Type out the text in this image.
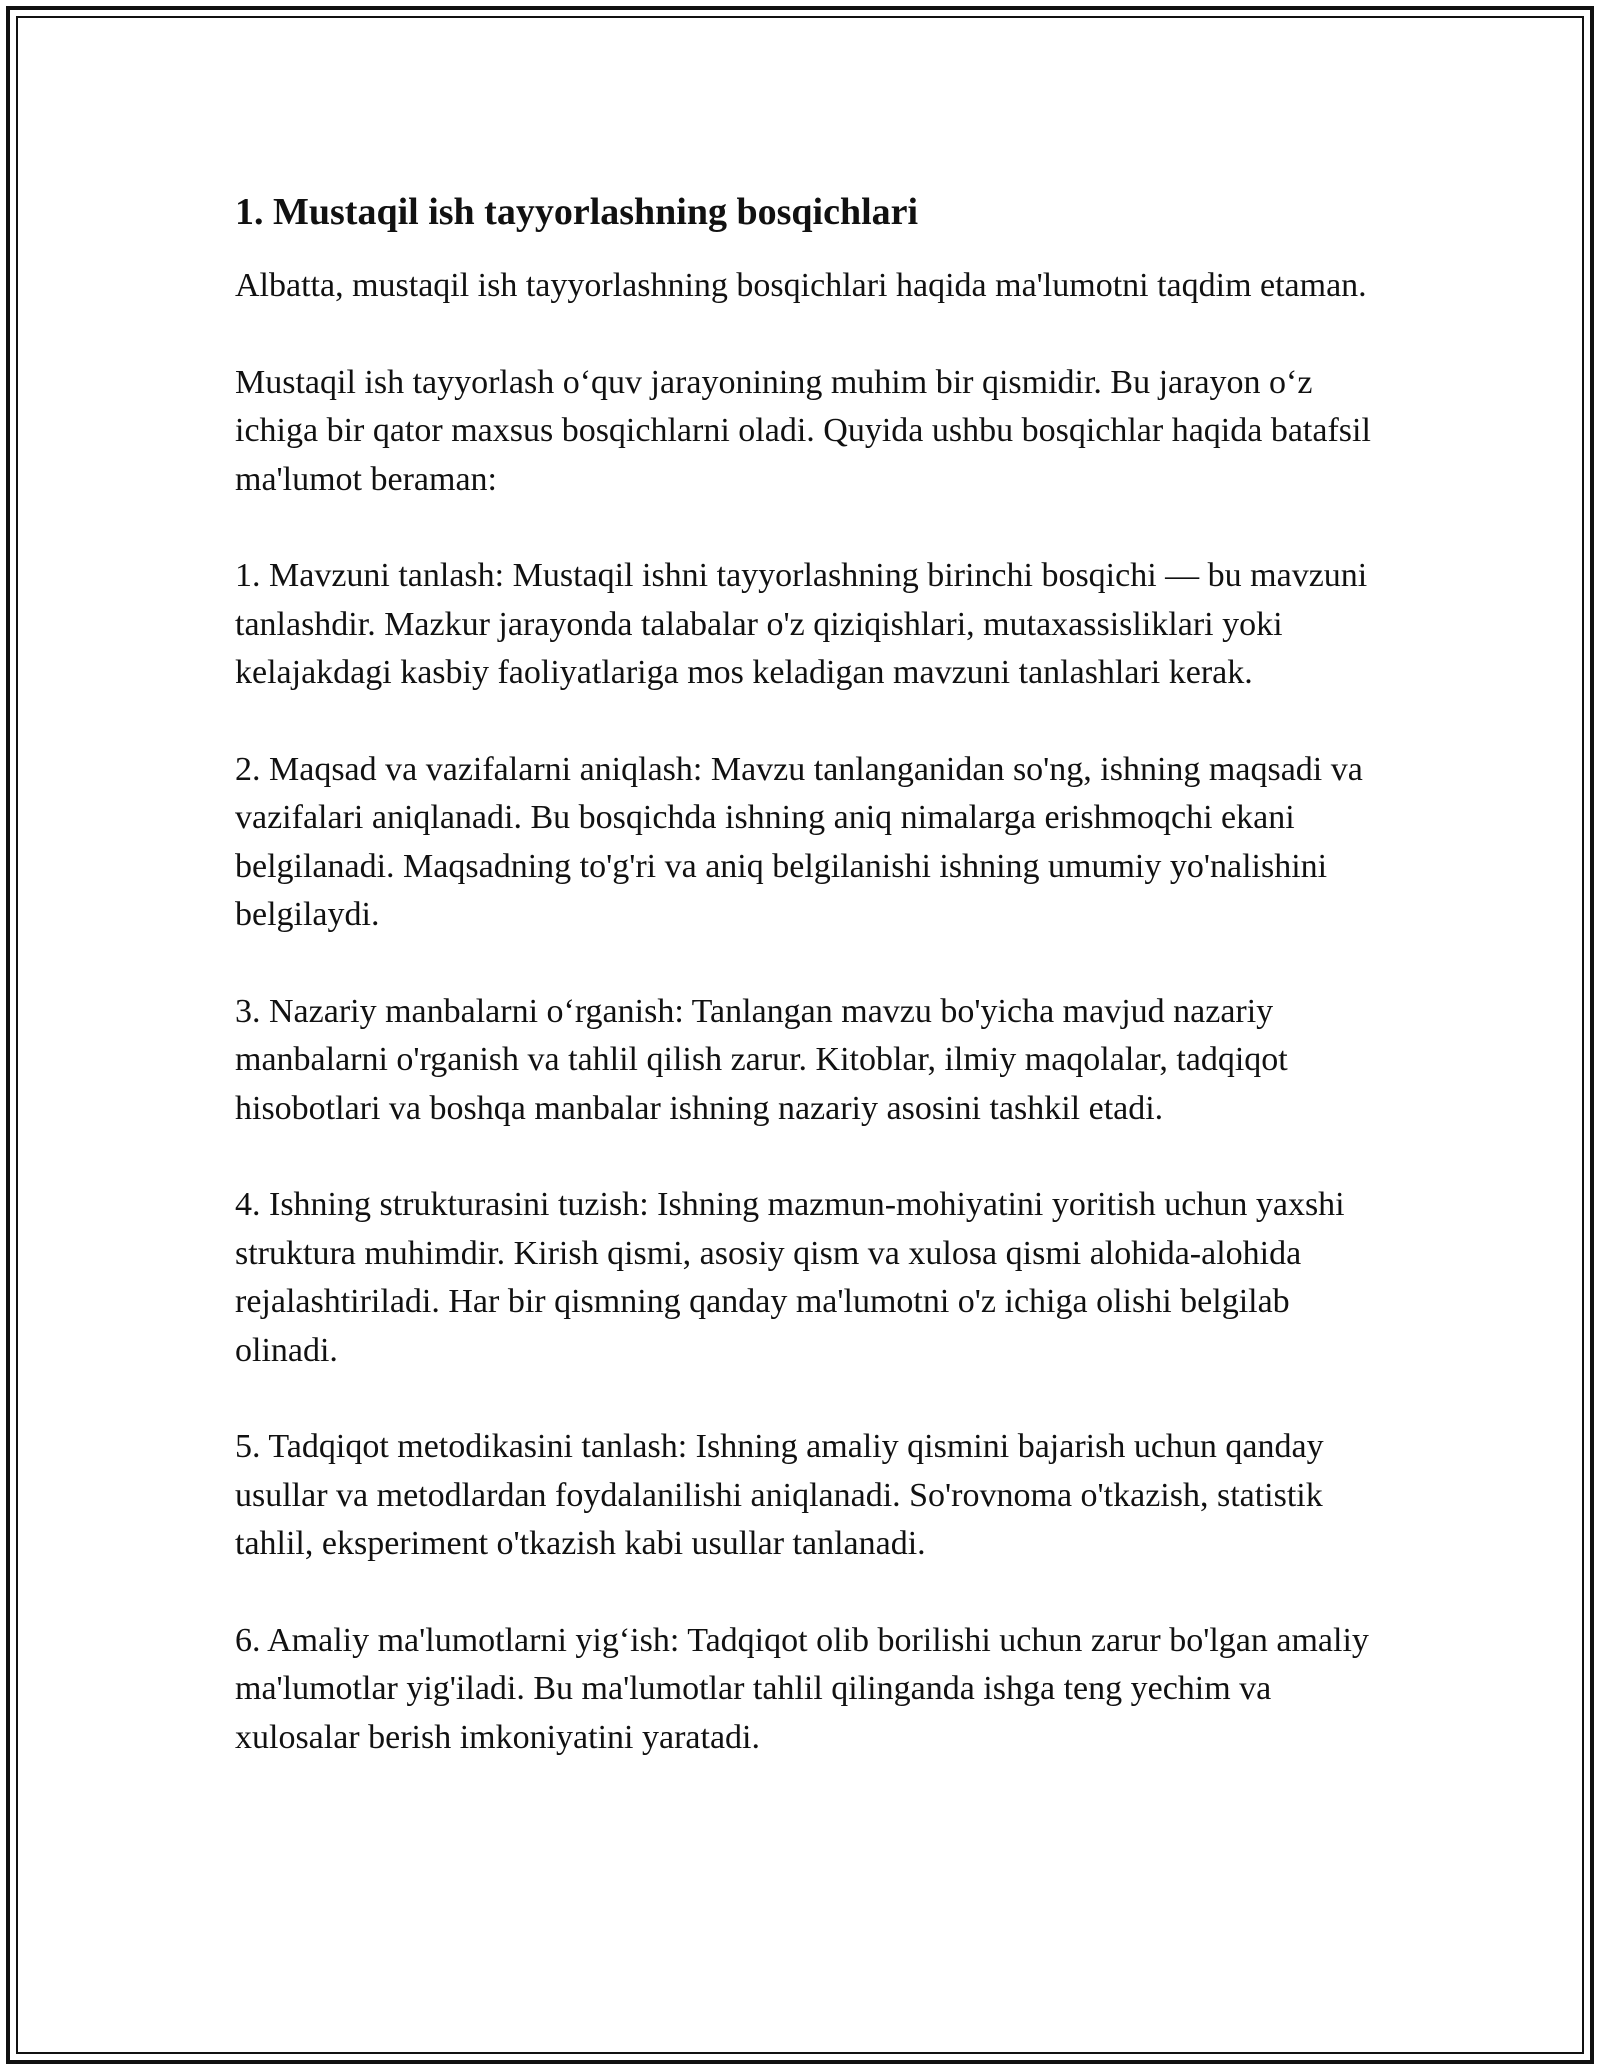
1. Mustaqil ish tayyorlashning bosqichlari

Albatta, mustaqil ish tayyorlashning bosqichlari haqida ma'lumotni taqdim etaman.

Mustaqil ish tayyorlash o‘quv jarayonining muhim bir qismidir. Bu jarayon o‘z ichiga bir qator maxsus bosqichlarni oladi. Quyida ushbu bosqichlar haqida batafsil ma'lumot beraman:

1. Mavzuni tanlash: Mustaqil ishni tayyorlashning birinchi bosqichi — bu mavzuni tanlashdir. Mazkur jarayonda talabalar o'z qiziqishlari, mutaxassisliklari yoki kelajakdagi kasbiy faoliyatlariga mos keladigan mavzuni tanlashlari kerak.

2. Maqsad va vazifalarni aniqlash: Mavzu tanlanganidan so'ng, ishning maqsadi va vazifalari aniqlanadi. Bu bosqichda ishning aniq nimalarga erishmoqchi ekani belgilanadi. Maqsadning to'g'ri va aniq belgilanishi ishning umumiy yo'nalishini belgilaydi.

3. Nazariy manbalarni o‘rganish: Tanlangan mavzu bo'yicha mavjud nazariy manbalarni o'rganish va tahlil qilish zarur. Kitoblar, ilmiy maqolalar, tadqiqot hisobotlari va boshqa manbalar ishning nazariy asosini tashkil etadi.

4. Ishning strukturasini tuzish: Ishning mazmun-mohiyatini yoritish uchun yaxshi struktura muhimdir. Kirish qismi, asosiy qism va xulosa qismi alohida-alohida rejalashtiriladi. Har bir qismning qanday ma'lumotni o'z ichiga olishi belgilab olinadi.

5. Tadqiqot metodikasini tanlash: Ishning amaliy qismini bajarish uchun qanday usullar va metodlardan foydalanilishi aniqlanadi. So'rovnoma o'tkazish, statistik tahlil, eksperiment o'tkazish kabi usullar tanlanadi.

6. Amaliy ma'lumotlarni yig‘ish: Tadqiqot olib borilishi uchun zarur bo'lgan amaliy ma'lumotlar yig'iladi. Bu ma'lumotlar tahlil qilinganda ishga teng yechim va xulosalar berish imkoniyatini yaratadi.
